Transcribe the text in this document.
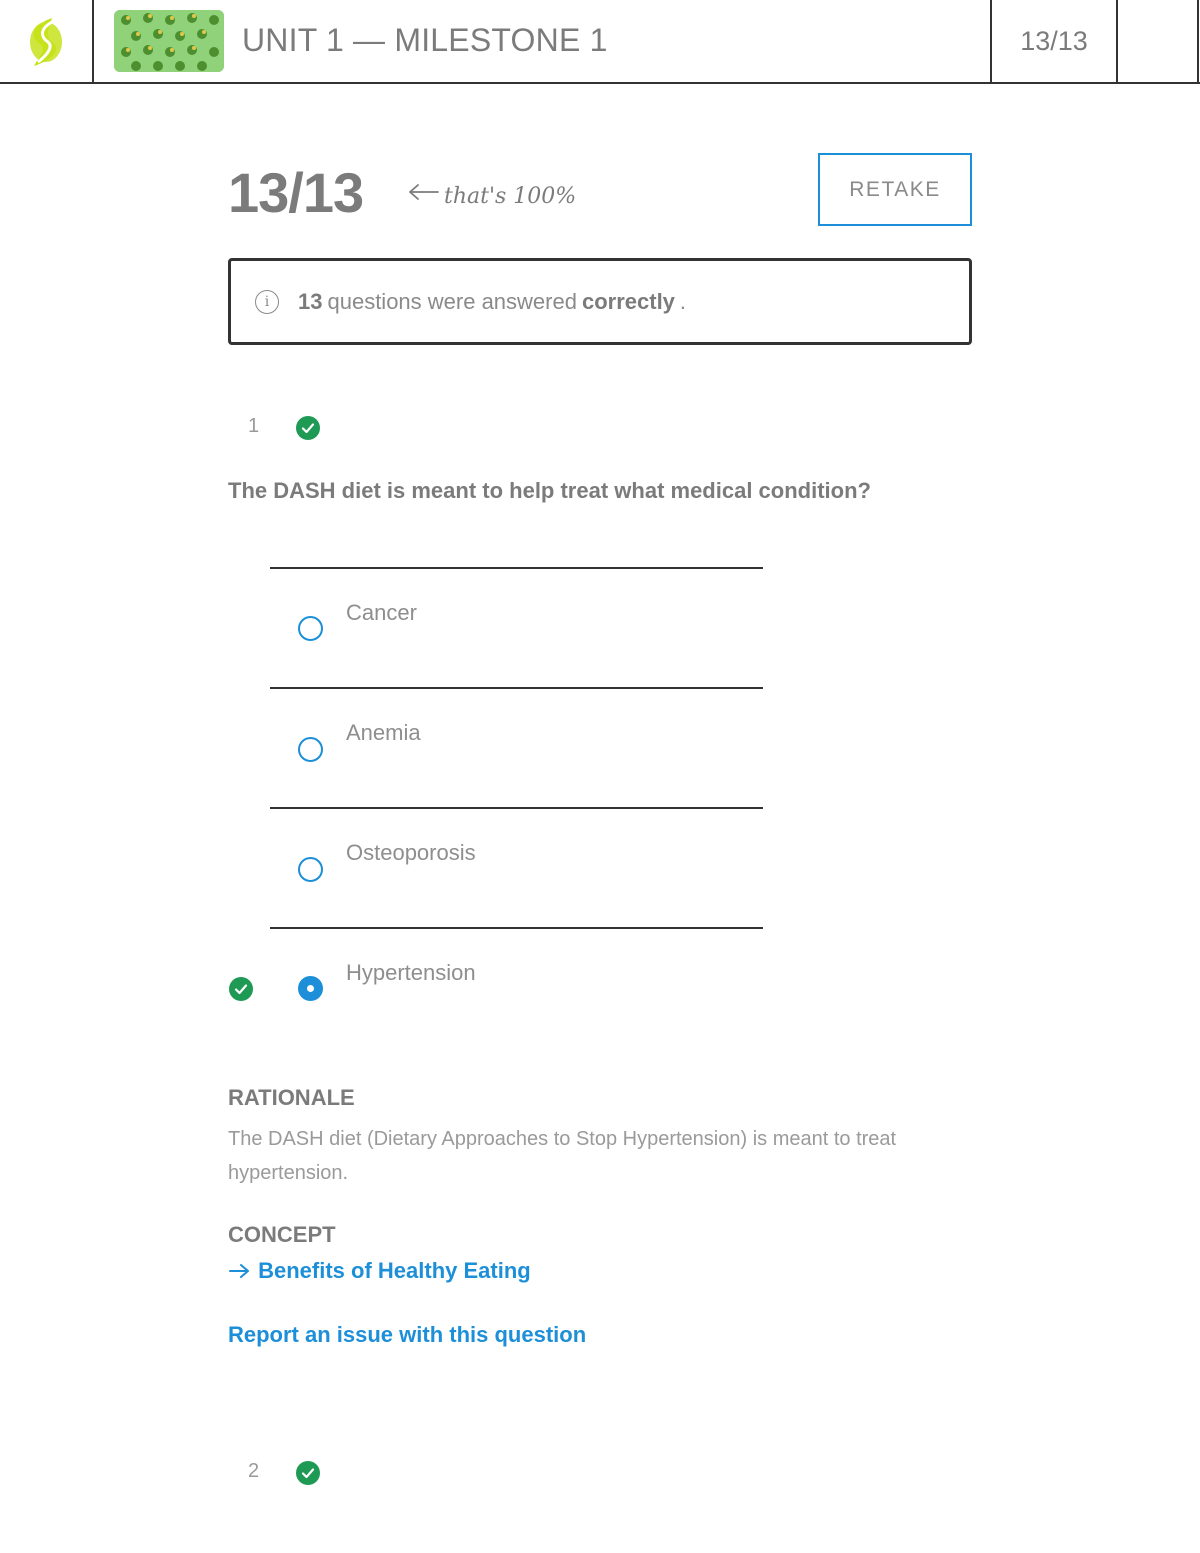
UNIT 1 — MILESTONE 1	13/13
13/13	that's 100%	RETAKE
i	13 questions were answered correctly .
1
The DASH diet is meant to help treat what medical condition?
Cancer
Anemia
Osteoporosis
Hypertension
RATIONALE
The DASH diet (Dietary Approaches to Stop Hypertension) is meant to treat hypertension.
CONCEPT
Benefits of Healthy Eating
Report an issue with this question
2
